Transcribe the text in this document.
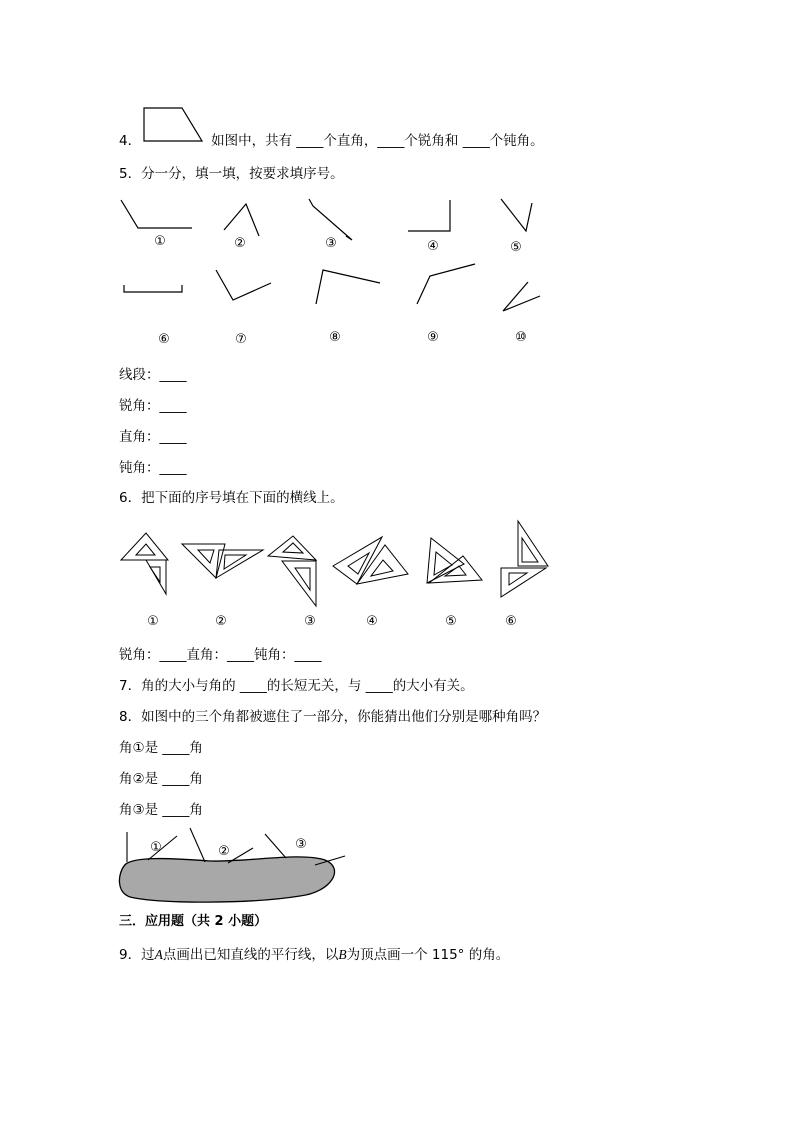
4．	如图中，共有 ____个直角，____个锐角和 ____个钝角。
5．分一分，填一填，按要求填序号。
①	②	③	④	⑤
⑥	⑦	⑧	⑨	⑩
线段：____
锐角：____
直角：____
钝角：____
6．把下面的序号填在下面的横线上。
①	②	③	④	⑤	⑥
锐角：____直角：____钝角：____
7．角的大小与角的 ____的长短无关，与 ____的大小有关。
8．如图中的三个角都被遮住了一部分，你能猜出他们分别是哪种角吗？
角①是 ____角
角②是 ____角
角③是 ____角
①	②	③
三．应用题（共 2 小题）
9．过A点画出已知直线的平行线，以B为顶点画一个 115° 的角。
